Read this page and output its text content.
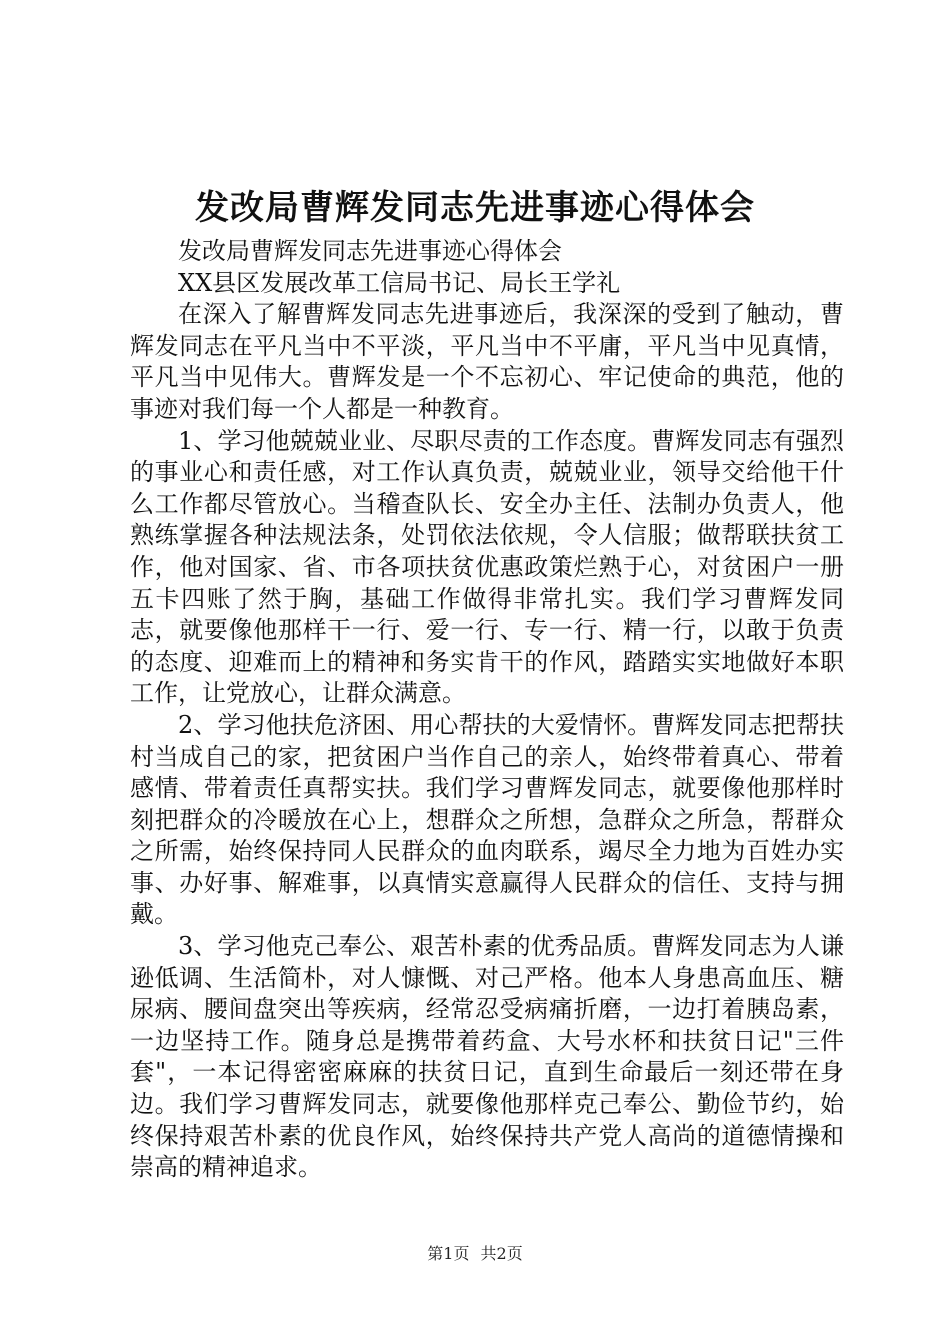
发改局曹辉发同志先进事迹心得体会

发改局曹辉发同志先进事迹心得体会

XX县区发展改革工信局书记、局长王学礼

在深入了解曹辉发同志先进事迹后，我深深的受到了触动，曹辉发同志在平凡当中不平淡，平凡当中不平庸，平凡当中见真情，平凡当中见伟大。曹辉发是一个不忘初心、牢记使命的典范，他的事迹对我们每一个人都是一种教育。

1、学习他兢兢业业、尽职尽责的工作态度。曹辉发同志有强烈的事业心和责任感，对工作认真负责，兢兢业业，领导交给他干什么工作都尽管放心。当稽查队长、安全办主任、法制办负责人，他熟练掌握各种法规法条，处罚依法依规，令人信服；做帮联扶贫工作，他对国家、省、市各项扶贫优惠政策烂熟于心，对贫困户一册五卡四账了然于胸，基础工作做得非常扎实。我们学习曹辉发同志，就要像他那样干一行、爱一行、专一行、精一行，以敢于负责的态度、迎难而上的精神和务实肯干的作风，踏踏实实地做好本职工作，让党放心，让群众满意。

2、学习他扶危济困、用心帮扶的大爱情怀。曹辉发同志把帮扶村当成自己的家，把贫困户当作自己的亲人，始终带着真心、带着感情、带着责任真帮实扶。我们学习曹辉发同志，就要像他那样时刻把群众的冷暖放在心上，想群众之所想，急群众之所急，帮群众之所需，始终保持同人民群众的血肉联系，竭尽全力地为百姓办实事、办好事、解难事，以真情实意赢得人民群众的信任、支持与拥戴。

3、学习他克己奉公、艰苦朴素的优秀品质。曹辉发同志为人谦逊低调、生活简朴，对人慷慨、对己严格。他本人身患高血压、糖尿病、腰间盘突出等疾病，经常忍受病痛折磨，一边打着胰岛素，一边坚持工作。随身总是携带着药盒、大号水杯和扶贫日记"三件套"，一本记得密密麻麻的扶贫日记，直到生命最后一刻还带在身边。我们学习曹辉发同志，就要像他那样克己奉公、勤俭节约，始终保持艰苦朴素的优良作风，始终保持共产党人高尚的道德情操和崇高的精神追求。

第1页 共2页
